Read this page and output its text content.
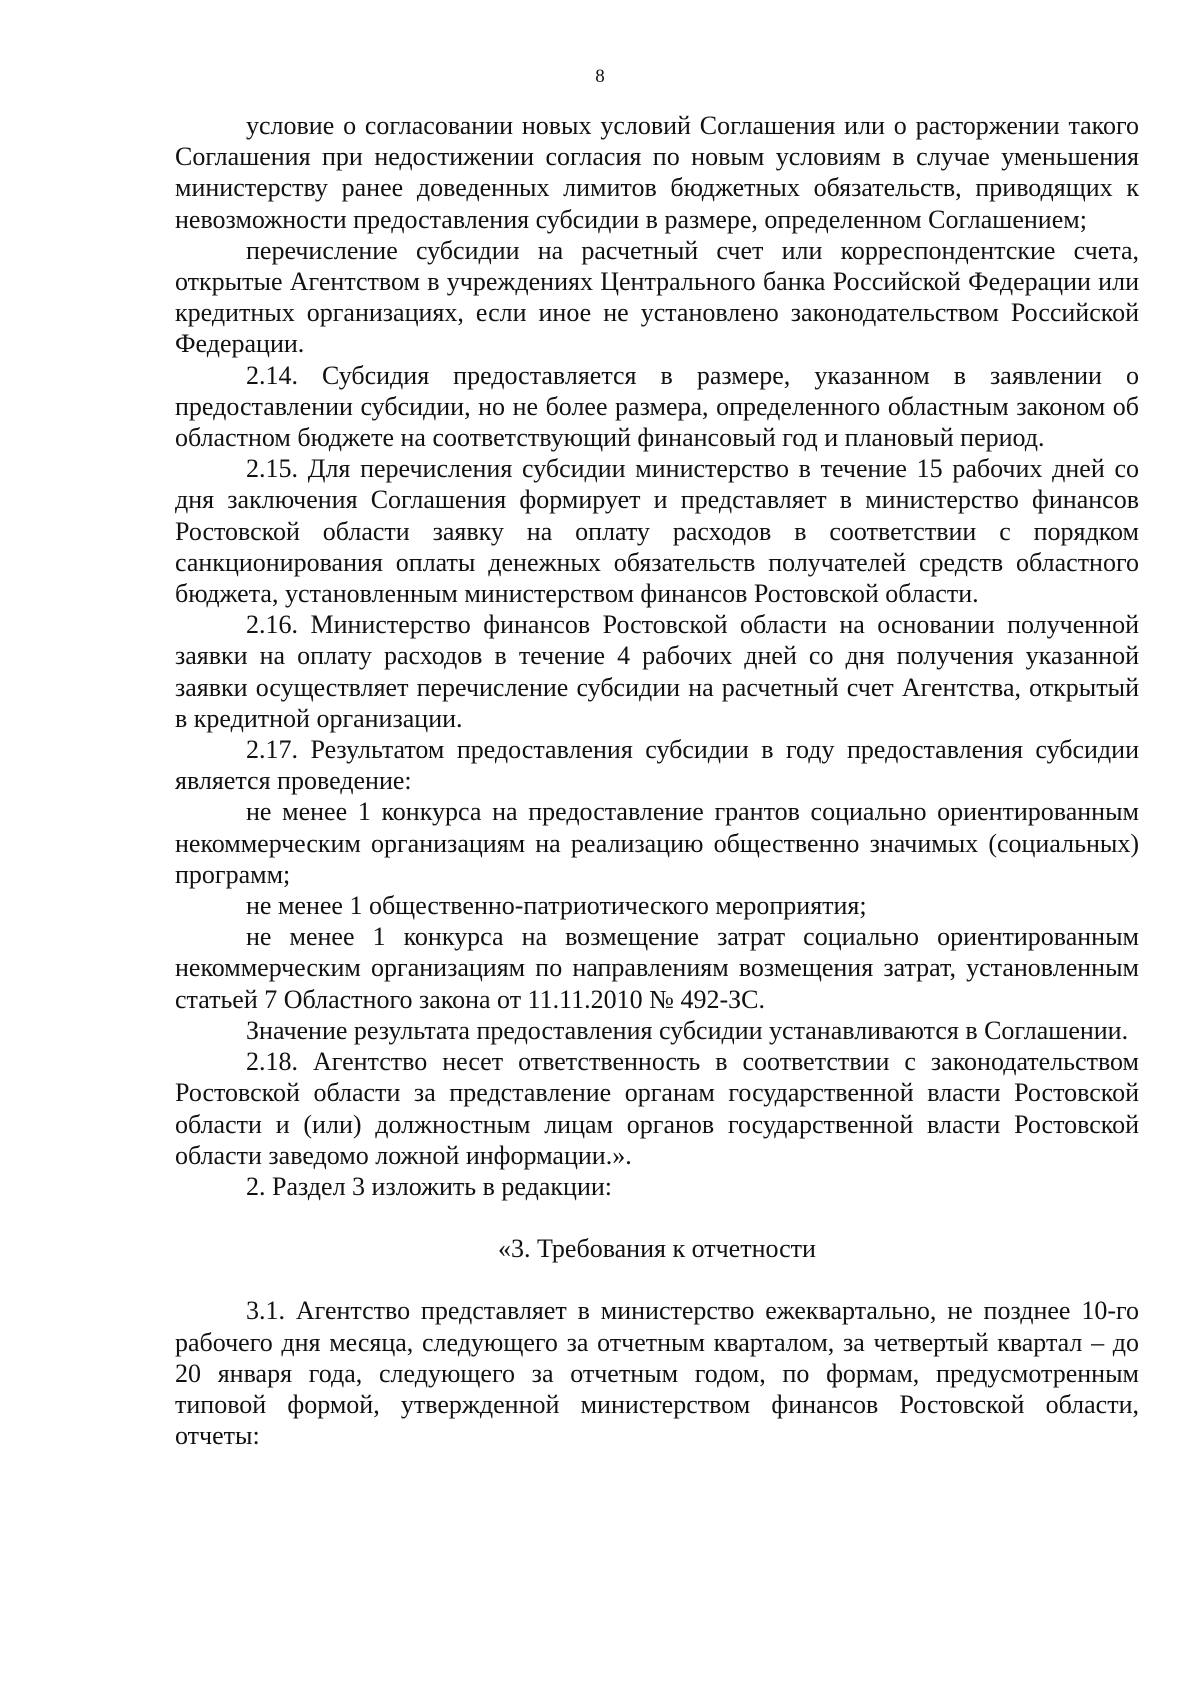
8

условие о согласовании новых условий Соглашения или о расторжении такого Соглашения при недостижении согласия по новым условиям в случае уменьшения министерству ранее доведенных лимитов бюджетных обязательств, приводящих к невозможности предоставления субсидии в размере, определенном Соглашением;

перечисление субсидии на расчетный счет или корреспондентские счета, открытые Агентством в учреждениях Центрального банка Российской Федерации или кредитных организациях, если иное не установлено законодательством Российской Федерации.

2.14. Субсидия предоставляется в размере, указанном в заявлении о предоставлении субсидии, но не более размера, определенного областным законом об областном бюджете на соответствующий финансовый год и плановый период.

2.15. Для перечисления субсидии министерство в течение 15 рабочих дней со дня заключения Соглашения формирует и представляет в министерство финансов Ростовской области заявку на оплату расходов в соответствии с порядком санкционирования оплаты денежных обязательств получателей средств областного бюджета, установленным министерством финансов Ростовской области.

2.16. Министерство финансов Ростовской области на основании полученной заявки на оплату расходов в течение 4 рабочих дней со дня получения указанной заявки осуществляет перечисление субсидии на расчетный счет Агентства, открытый в кредитной организации.

2.17. Результатом предоставления субсидии в году предоставления субсидии является проведение:

не менее 1 конкурса на предоставление грантов социально ориентированным некоммерческим организациям на реализацию общественно значимых (социальных) программ;

не менее 1 общественно-патриотического мероприятия;

не менее 1 конкурса на возмещение затрат социально ориентированным некоммерческим организациям по направлениям возмещения затрат, установленным статьей 7 Областного закона от 11.11.2010 № 492-ЗС.

Значение результата предоставления субсидии устанавливаются в Соглашении.

2.18. Агентство несет ответственность в соответствии с законодательством Ростовской области за представление органам государственной власти Ростовской области и (или) должностным лицам органов государственной власти Ростовской области заведомо ложной информации.».

2. Раздел 3 изложить в редакции:

«3. Требования к отчетности

3.1. Агентство представляет в министерство ежеквартально, не позднее 10-го рабочего дня месяца, следующего за отчетным кварталом, за четвертый квартал – до 20 января года, следующего за отчетным годом, по формам, предусмотренным типовой формой, утвержденной министерством финансов Ростовской области, отчеты:
